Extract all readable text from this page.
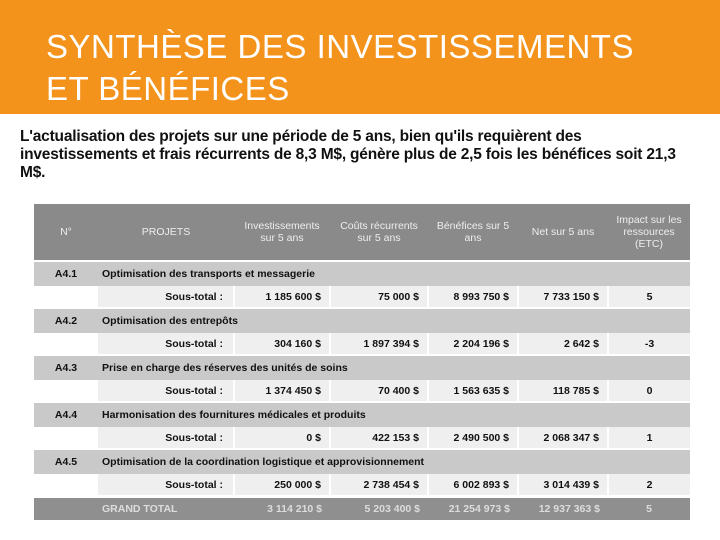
SYNTHÈSE DES INVESTISSEMENTS ET BÉNÉFICES
L'actualisation des projets sur une période de 5 ans, bien qu'ils requièrent des investissements et frais récurrents de 8,3 M$, génère plus de 2,5 fois les bénéfices soit 21,3 M$.
N°	PROJETS	Investissements sur 5 ans	Coûts récurrents sur 5 ans	Bénéfices sur 5 ans	Net sur 5 ans	Impact sur les ressources (ETC)
A4.1	Optimisation des transports et messagerie					
	Sous-total :	1 185 600 $	75 000 $	8 993 750 $	7 733 150 $	5
A4.2	Optimisation des entrepôts					
	Sous-total :	304 160 $	1 897 394 $	2 204 196 $	2 642 $	-3
A4.3	Prise en charge des réserves des unités de soins					
	Sous-total :	1 374 450 $	70 400 $	1 563 635 $	118 785 $	0
A4.4	Harmonisation des fournitures médicales et produits					
	Sous-total :	0 $	422 153 $	2 490 500 $	2 068 347 $	1
A4.5	Optimisation de la coordination logistique et approvisionnement					
	Sous-total :	250 000 $	2 738 454 $	6 002 893 $	3 014 439 $	2

	GRAND TOTAL	3 114 210 $	5 203 400 $	21 254 973 $	12 937 363 $	5
